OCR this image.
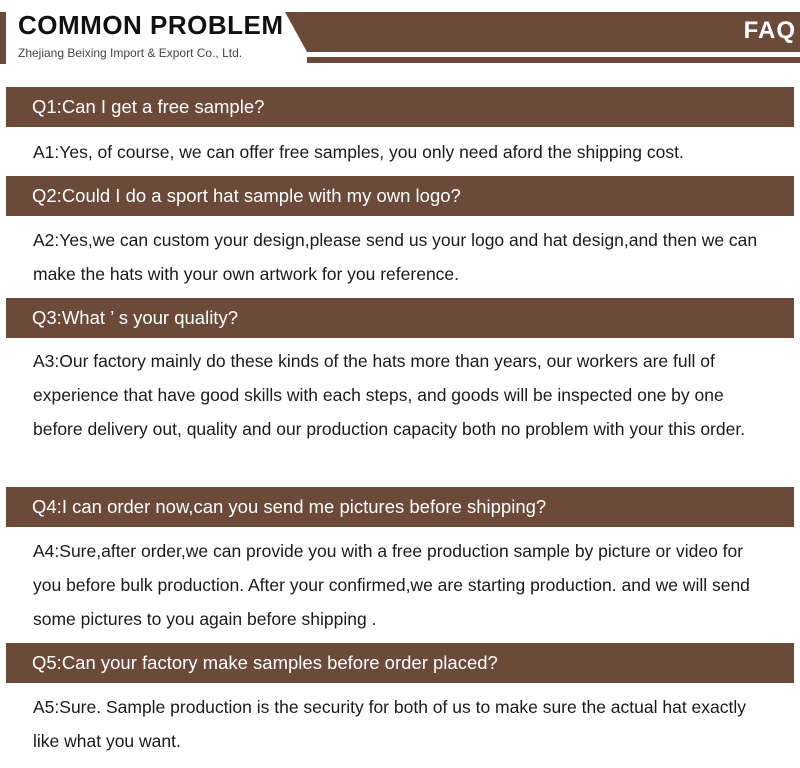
COMMON PROBLEM
Zhejiang Beixing Import & Export Co., Ltd.
FAQ
Q1:Can I get a free sample?
A1:Yes, of course, we can offer free samples, you only need aford the shipping cost.
Q2:Could I do a sport hat sample with my own logo?
A2:Yes,we can custom your design,please send us your logo and hat design,and then we can make the hats with your own artwork for you reference.
Q3:What ’ s your quality?
A3:Our factory mainly do these kinds of the hats more than years, our workers are full of experience that have good skills with each steps, and goods will be inspected one by one before delivery out, quality and our production capacity both no problem with your this order.
Q4:I can order now,can you send me pictures before shipping?
A4:Sure,after order,we can provide you with a free production sample by picture or video for you before bulk production. After your confirmed,we are starting production. and we will send some pictures to you again before shipping .
Q5:Can your factory make samples before order placed?
A5:Sure. Sample production is the security for both of us to make sure the actual hat exactly like what you want.
